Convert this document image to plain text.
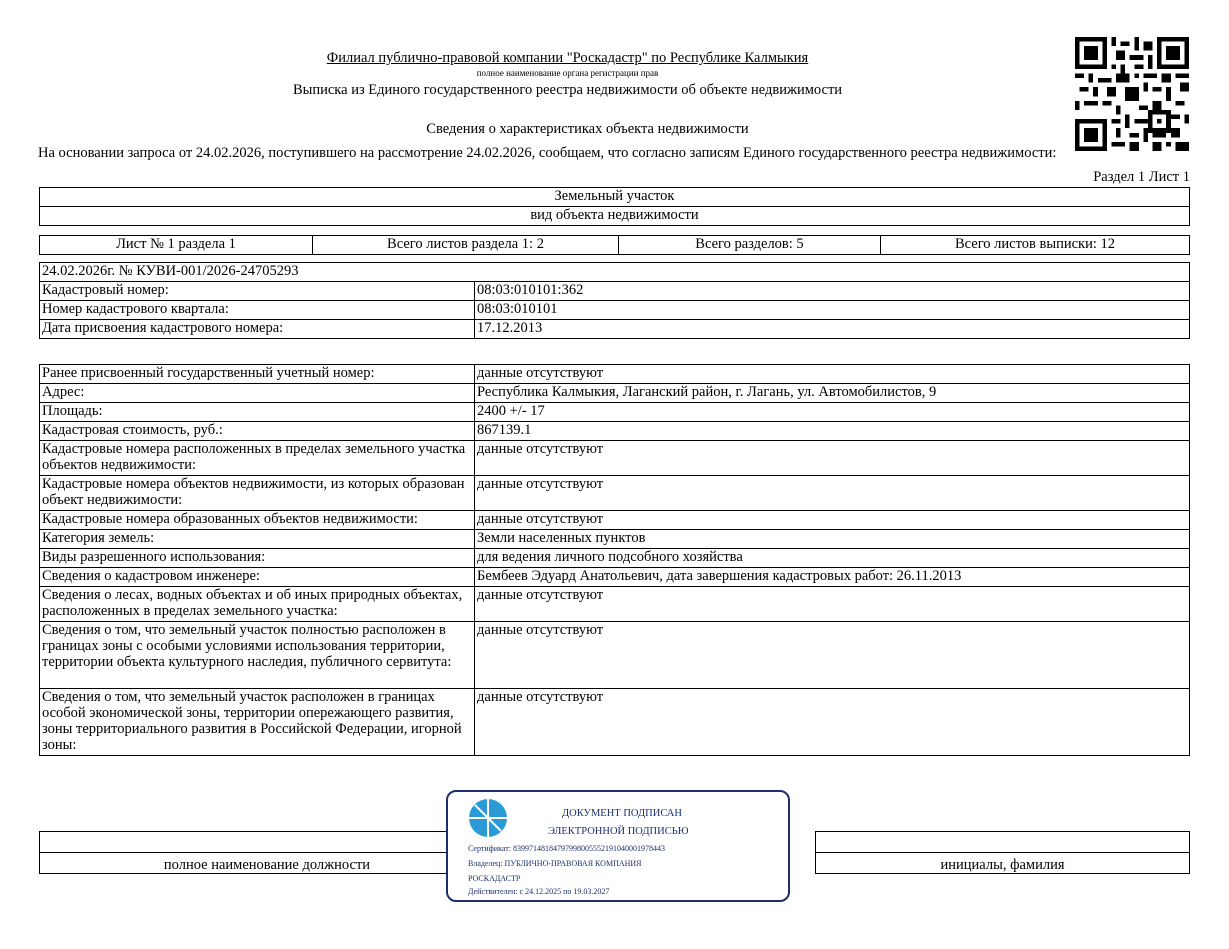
Филиал публично-правовой компании "Роскадастр" по Республике Калмыкия
полное наименование органа регистрации прав
Выписка из Единого государственного реестра недвижимости об объекте недвижимости
Сведения о характеристиках объекта недвижимости
На основании запроса от 24.02.2026, поступившего на рассмотрение 24.02.2026, сообщаем, что согласно записям Единого государственного реестра недвижимости:
Раздел 1 Лист 1
Земельный участок
вид объекта недвижимости
Лист № 1 раздела 1	Всего листов раздела 1: 2	Всего разделов: 5	Всего листов выписки: 12
24.02.2026г. № КУВИ-001/2026-24705293	
Кадастровый номер:	08:03:010101:362
Номер кадастрового квартала:	08:03:010101
Дата присвоения кадастрового номера:	17.12.2013
Ранее присвоенный государственный учетный номер:	данные отсутствуют
Адрес:	Республика Калмыкия, Лаганский район, г. Лагань, ул. Автомобилистов, 9
Площадь:	2400 +/- 17
Кадастровая стоимость, руб.:	867139.1
Кадастровые номера расположенных в пределах земельного участка объектов недвижимости:	данные отсутствуют
Кадастровые номера объектов недвижимости, из которых образован объект недвижимости:	данные отсутствуют
Кадастровые номера образованных объектов недвижимости:	данные отсутствуют
Категория земель:	Земли населенных пунктов
Виды разрешенного использования:	для ведения личного подсобного хозяйства
Сведения о кадастровом инженере:	Бембеев Эдуард Анатольевич, дата завершения кадастровых работ: 26.11.2013
Сведения о лесах, водных объектах и об иных природных объектах, расположенных в пределах земельного участка:	данные отсутствуют
Сведения о том, что земельный участок полностью расположен в границах зоны с особыми условиями использования территории, территории объекта культурного наследия, публичного сервитута:	данные отсутствуют
Сведения о том, что земельный участок расположен в границах особой экономической зоны, территории опережающего развития, зоны территориального развития в Российской Федерации, игорной зоны:	данные отсутствуют

полное наименование должности		инициалы, фамилия
ДОКУМЕНТ ПОДПИСАН
ЭЛЕКТРОННОЙ ПОДПИСЬЮ
Сертификат: 83997148184797998005552191040001978443
Владелец: ПУБЛИЧНО-ПРАВОВАЯ КОМПАНИЯ
РОСКАДАСТР
Действителен: с 24.12.2025 по 19.03.2027
